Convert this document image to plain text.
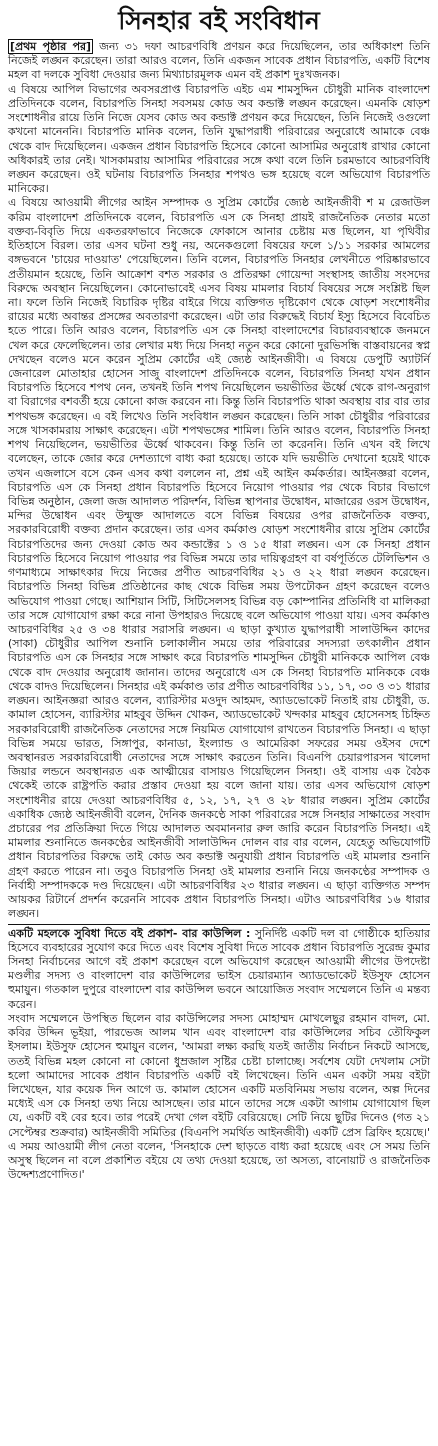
সিনহার বই সংবিধান

[প্রথম পৃষ্ঠার পর] জন্য ৩১ দফা আচরণবিধি প্রণয়ন করে দিয়েছিলেন, তার অধিকাংশ তিনি নিজেই লঙ্ঘন করেছেন। তারা আরও বলেন, তিনি একজন সাবেক প্রধান বিচারপতি, একটি বিশেষ মহল বা দলকে সুবিধা দেওয়ার জন্য মিথ্যাচারমূলক এমন বই প্রকাশ দুঃখজনক।

এ বিষয়ে আপিল বিভাগের অবসরপ্রাপ্ত বিচারপতি এইচ এম শামসুদ্দিন চৌধুরী মানিক বাংলাদেশ প্রতিদিনকে বলেন, বিচারপতি সিনহা সবসময় কোড অব কন্ডাক্ট লঙ্ঘন করেছেন। এমনকি ষোড়শ সংশোধনীর রায়ে তিনি নিজে যেসব কোড অব কন্ডাক্ট প্রণয়ন করে দিয়েছেন, তিনি নিজেই ওগুলো কখনো মানেননি। বিচারপতি মানিক বলেন, তিনি যুদ্ধাপরাধী পরিবারের অনুরোধে আমাকে বেঞ্চ থেকে বাদ দিয়েছিলেন। একজন প্রধান বিচারপতি হিসেবে কোনো আসামির অনুরোধ রাখার কোনো অধিকারই তার নেই। খাসকামরায় আসামির পরিবারের সঙ্গে কথা বলে তিনি চরমভাবে আচরণবিধি লঙ্ঘন করেছেন। ওই ঘটনায় বিচারপতি সিনহার শপথও ভঙ্গ হয়েছে বলে অভিযোগ বিচারপতি মানিকের।

এ বিষয়ে আওয়ামী লীগের আইন সম্পাদক ও সুপ্রিম কোর্টের জ্যেষ্ঠ আইনজীবী শ ম রেজাউল করিম বাংলাদেশ প্রতিদিনকে বলেন, বিচারপতি এস কে সিনহা প্রায়ই রাজনৈতিক নেতার মতো বক্তব্য-বিবৃতি দিয়ে একতরফাভাবে নিজেকে ফোকাসে আনার চেষ্টায় মত্ত ছিলেন, যা পৃথিবীর ইতিহাসে বিরল। তার এসব ঘটনা শুধু নয়, অনেকগুলো বিষয়ের ফলে ১/১১ সরকার আমলের বঙ্গভবনে 'চায়ের দাওয়াত' পেয়েছিলেন। তিনি বলেন, বিচারপতি সিনহার লেখনীতে পরিষ্কারভাবে প্রতীয়মান হয়েছে, তিনি আক্রোশ বশত সরকার ও প্রতিরক্ষা গোয়েন্দা সংস্থাসহ জাতীয় সংসদের বিরুদ্ধে অবস্থান নিয়েছিলেন। কোনোভাবেই এসব বিষয় মামলার বিচার্য বিষয়ের সঙ্গে সংশ্লিষ্ট ছিল না। ফলে তিনি নিজেই বিচারিক দৃষ্টির বাইরে গিয়ে ব্যক্তিগত দৃষ্টিকোণ থেকে ষোড়শ সংশোধনীর রায়ের মধ্যে অবান্তর প্রসঙ্গের অবতারণা করেছেন। এটা তার বিরুদ্ধেই বিচার্য ইস্যু হিসেবে বিবেচিত হতে পারে। তিনি আরও বলেন, বিচারপতি এস কে সিনহা বাংলাদেশের বিচারব্যবস্থাকে জনমনে খেল করে ফেলেছিলেন। তার লেখার মধ্য দিয়ে সিনহা নতুন করে কোনো দুরভিসন্ধি বাস্তবায়নের স্বপ্ন দেখছেন বলেও মনে করেন সুপ্রিম কোর্টের এই জ্যেষ্ঠ আইনজীবী। এ বিষয়ে ডেপুটি অ্যাটর্নি জেনারেল মোতাহার হোসেন সাজু বাংলাদেশ প্রতিদিনকে বলেন, বিচারপতি সিনহা যখন প্রধান বিচারপতি হিসেবে শপথ নেন, তখনই তিনি শপথ নিয়েছিলেন ভয়ভীতির ঊর্ধ্বে থেকে রাগ-অনুরাগ বা বিরাগের বশবর্তী হয়ে কোনো কাজ করবেন না। কিন্তু তিনি বিচারপতি থাকা অবস্থায় বার বার তার শপথভঙ্গ করেছেন। এ বই লিখেও তিনি সংবিধান লঙ্ঘন করেছেন। তিনি সাকা চৌধুরীর পরিবারের সঙ্গে খাসকামরায় সাক্ষাৎ করেছেন। এটা শপথভঙ্গের শামিল। তিনি আরও বলেন, বিচারপতি সিনহা শপথ নিয়েছিলেন, ভয়ভীতির ঊর্ধ্বে থাকবেন। কিন্তু তিনি তা করেননি। তিনি এখন বই লিখে বলেছেন, তাকে জোর করে দেশত্যাগে বাধ্য করা হয়েছে। তাকে যদি ভয়ভীতি দেখানো হয়েই থাকে তখন এজলাসে বসে কেন এসব কথা বললেন না, প্রশ্ন এই আইন কর্মকর্তার। আইনজ্ঞরা বলেন, বিচারপতি এস কে সিনহা প্রধান বিচারপতি হিসেবে নিয়োগ পাওয়ার পর থেকে বিচার বিভাগে বিভিন্ন অনুষ্ঠান, জেলা জজ আদালত পরিদর্শন, বিভিন্ন স্থাপনার উদ্বোধন, মাজারের ওরস উদ্বোধন, মন্দির উদ্বোধন এবং উন্মুক্ত আদালতে বসে বিভিন্ন বিষয়ের ওপর রাজনৈতিক বক্তব্য, সরকারবিরোধী বক্তব্য প্রদান করেছেন। তার এসব কর্মকাণ্ড ষোড়শ সংশোধনীর রায়ে সুপ্রিম কোর্টের বিচারপতিদের জন্য দেওয়া কোড অব কন্ডাক্টের ১ ও ১৫ ধারা লঙ্ঘন। এস কে সিনহা প্রধান বিচারপতি হিসেবে নিয়োগ পাওয়ার পর বিভিন্ন সময়ে তার দায়িত্বগ্রহণ বা বর্ষপূর্তিতে টেলিভিশন ও গণমাধ্যমে সাক্ষাৎকার দিয়ে নিজের প্রণীত আচরণবিধির ২১ ও ২২ ধারা লঙ্ঘন করেছেন। বিচারপতি সিনহা বিভিন্ন প্রতিষ্ঠানের কাছ থেকে বিভিন্ন সময় উপঢৌকন গ্রহণ করেছেন বলেও অভিযোগ পাওয়া গেছে। আশিয়ান সিটি, সিটিসেলসহ বিভিন্ন বড় কোম্পানির প্রতিনিধি বা মালিকরা তার সঙ্গে যোগাযোগ রক্ষা করে নানা উপহারও দিয়েছে বলে অভিযোগ পাওয়া যায়। এসব কর্মকাণ্ড আচরণবিধির ২৫ ও ৩৪ ধারার সরাসরি লঙ্ঘন। এ ছাড়া কুখ্যাত যুদ্ধাপরাধী সালাউদ্দিন কাদের (সাকা) চৌধুরীর আপিল শুনানি চলাকালীন সময়ে তার পরিবারের সদস্যরা তৎকালীন প্রধান বিচারপতি এস কে সিনহার সঙ্গে সাক্ষাৎ করে বিচারপতি শামসুদ্দিন চৌধুরী মানিককে আপিল বেঞ্চ থেকে বাদ দেওয়ার অনুরোধ জানান। তাদের অনুরোধে এস কে সিনহা বিচারপতি মানিককে বেঞ্চ থেকে বাদও দিয়েছিলেন। সিনহার এই কর্মকাণ্ড তার প্রণীত আচরণবিধির ১১, ১৭, ৩০ ও ৩১ ধারার লঙ্ঘন। আইনজ্ঞরা আরও বলেন, ব্যারিস্টার মওদুদ আহমদ, অ্যাডভোকেট নিতাই রায় চৌধুরী, ড. কামাল হোসেন, ব্যারিস্টার মাহবুব উদ্দিন খোকন, অ্যাডভোকেট খন্দকার মাহবুব হোসেনসহ চিহ্নিত সরকারবিরোধী রাজনৈতিক নেতাদের সঙ্গে নিয়মিত যোগাযোগ রাখতেন বিচারপতি সিনহা। এ ছাড়া বিভিন্ন সময়ে ভারত, সিঙ্গাপুর, কানাডা, ইংল্যান্ড ও আমেরিকা সফরের সময় ওইসব দেশে অবস্থানরত সরকারবিরোধী নেতাদের সঙ্গে সাক্ষাৎ করতেন তিনি। বিএনপি চেয়ারপারসন খালেদা জিয়ার লন্ডনে অবস্থানরত এক আত্মীয়ের বাসায়ও গিয়েছিলেন সিনহা। ওই বাসায় এক বৈঠক থেকেই তাকে রাষ্ট্রপতি করার প্রস্তাব দেওয়া হয় বলে জানা যায়। তার এসব অভিযোগ ষোড়শ সংশোধনীর রায়ে দেওয়া আচরণবিধির ৫, ১২, ১৭, ২৭ ও ২৮ ধারার লঙ্ঘন। সুপ্রিম কোর্টের একাধিক জ্যেষ্ঠ আইনজীবী বলেন, দৈনিক জনকণ্ঠে সাকা পরিবারের সঙ্গে সিনহার সাক্ষাতের সংবাদ প্রচারের পর প্রতিক্রিয়া দিতে গিয়ে আদালত অবমাননার রুল জারি করেন বিচারপতি সিনহা। এই মামলার শুনানিতে জনকণ্ঠের আইনজীবী সালাউদ্দিন দোলন বার বার বলেন, যেহেতু অভিযোগটি প্রধান বিচারপতির বিরুদ্ধে তাই কোড অব কন্ডাক্ট অনুযায়ী প্রধান বিচারপতি এই মামলার শুনানি গ্রহণ করতে পারেন না। তবুও বিচারপতি সিনহা ওই মামলার শুনানি নিয়ে জনকণ্ঠের সম্পাদক ও নির্বাহী সম্পাদককে দণ্ড দিয়েছেন। এটা আচরণবিধির ২৩ ধারার লঙ্ঘন। এ ছাড়া ব্যক্তিগত সম্পদ আয়কর রিটার্নে প্রদর্শন করেননি সাবেক প্রধান বিচারপতি সিনহা। এটাও আচরণবিধির ১৬ ধারার লঙ্ঘন।

একটি মহলকে সুবিধা দিতে বই প্রকাশ- বার কাউন্সিল : সুনির্দিষ্ট একটি দল বা গোষ্ঠীকে হাতিয়ার হিসেবে ব্যবহারের সুযোগ করে দিতে এবং বিশেষ সুবিধা দিতে সাবেক প্রধান বিচারপতি সুরেন্দ্র কুমার সিনহা নির্বাচনের আগে বই প্রকাশ করেছেন বলে অভিযোগ করেছেন আওয়ামী লীগের উপদেষ্টা মণ্ডলীর সদস্য ও বাংলাদেশ বার কাউন্সিলের ভাইস চেয়ারম্যান অ্যাডভোকেট ইউসুফ হোসেন হুমায়ুন। গতকাল দুপুরে বাংলাদেশ বার কাউন্সিল ভবনে আয়োজিত সংবাদ সম্মেলনে তিনি এ মন্তব্য করেন।

সংবাদ সম্মেলনে উপস্থিত ছিলেন বার কাউন্সিলের সদস্য মোহাম্মদ মোখলেছুর রহমান বাদল, মো. কবির উদ্দিন ভূইয়া, পারভেজ আলম খান এবং বাংলাদেশ বার কাউন্সিলের সচিব তৌফিকুল ইসলাম। ইউসুফ হোসেন হুমায়ুন বলেন, 'আমরা লক্ষ্য করছি যতই জাতীয় নির্বাচন নিকটে আসছে, ততই বিভিন্ন মহল কোনো না কোনো ধুম্রজাল সৃষ্টির চেষ্টা চালাচ্ছে। সর্বশেষ যেটা দেখলাম সেটা হলো আমাদের সাবেক প্রধান বিচারপতি একটি বই লিখেছেন। তিনি এমন একটা সময় বইটা লিখেছেন, যার কয়েক দিন আগে ড. কামাল হোসেন একটি মতবিনিময় সভায় বলেন, অল্প দিনের মধ্যেই এস কে সিনহা তথ্য নিয়ে আসছেন। তার মানে তাদের সঙ্গে একটা আগাম যোগাযোগ ছিল যে, একটি বই বের হবে। তার পরেই দেখা গেল বইটি বেরিয়েছে। সেটি নিয়ে ছুটির দিনেও (গত ২১ সেপ্টেম্বর শুক্রবার) আইনজীবী সমিতির (বিএনপি সমর্থিত আইনজীবী) একটি প্রেস ব্রিফিং হয়েছে।' এ সময় আওয়ামী লীগ নেতা বলেন, 'সিনহাকে দেশ ছাড়তে বাধ্য করা হয়েছে এবং সে সময় তিনি অসুস্থ ছিলেন না বলে প্রকাশিত বইয়ে যে তথ্য দেওয়া হয়েছে, তা অসত্য, বানোয়াট ও রাজনৈতিক উদ্দেশ্যপ্রণোদিত।'
